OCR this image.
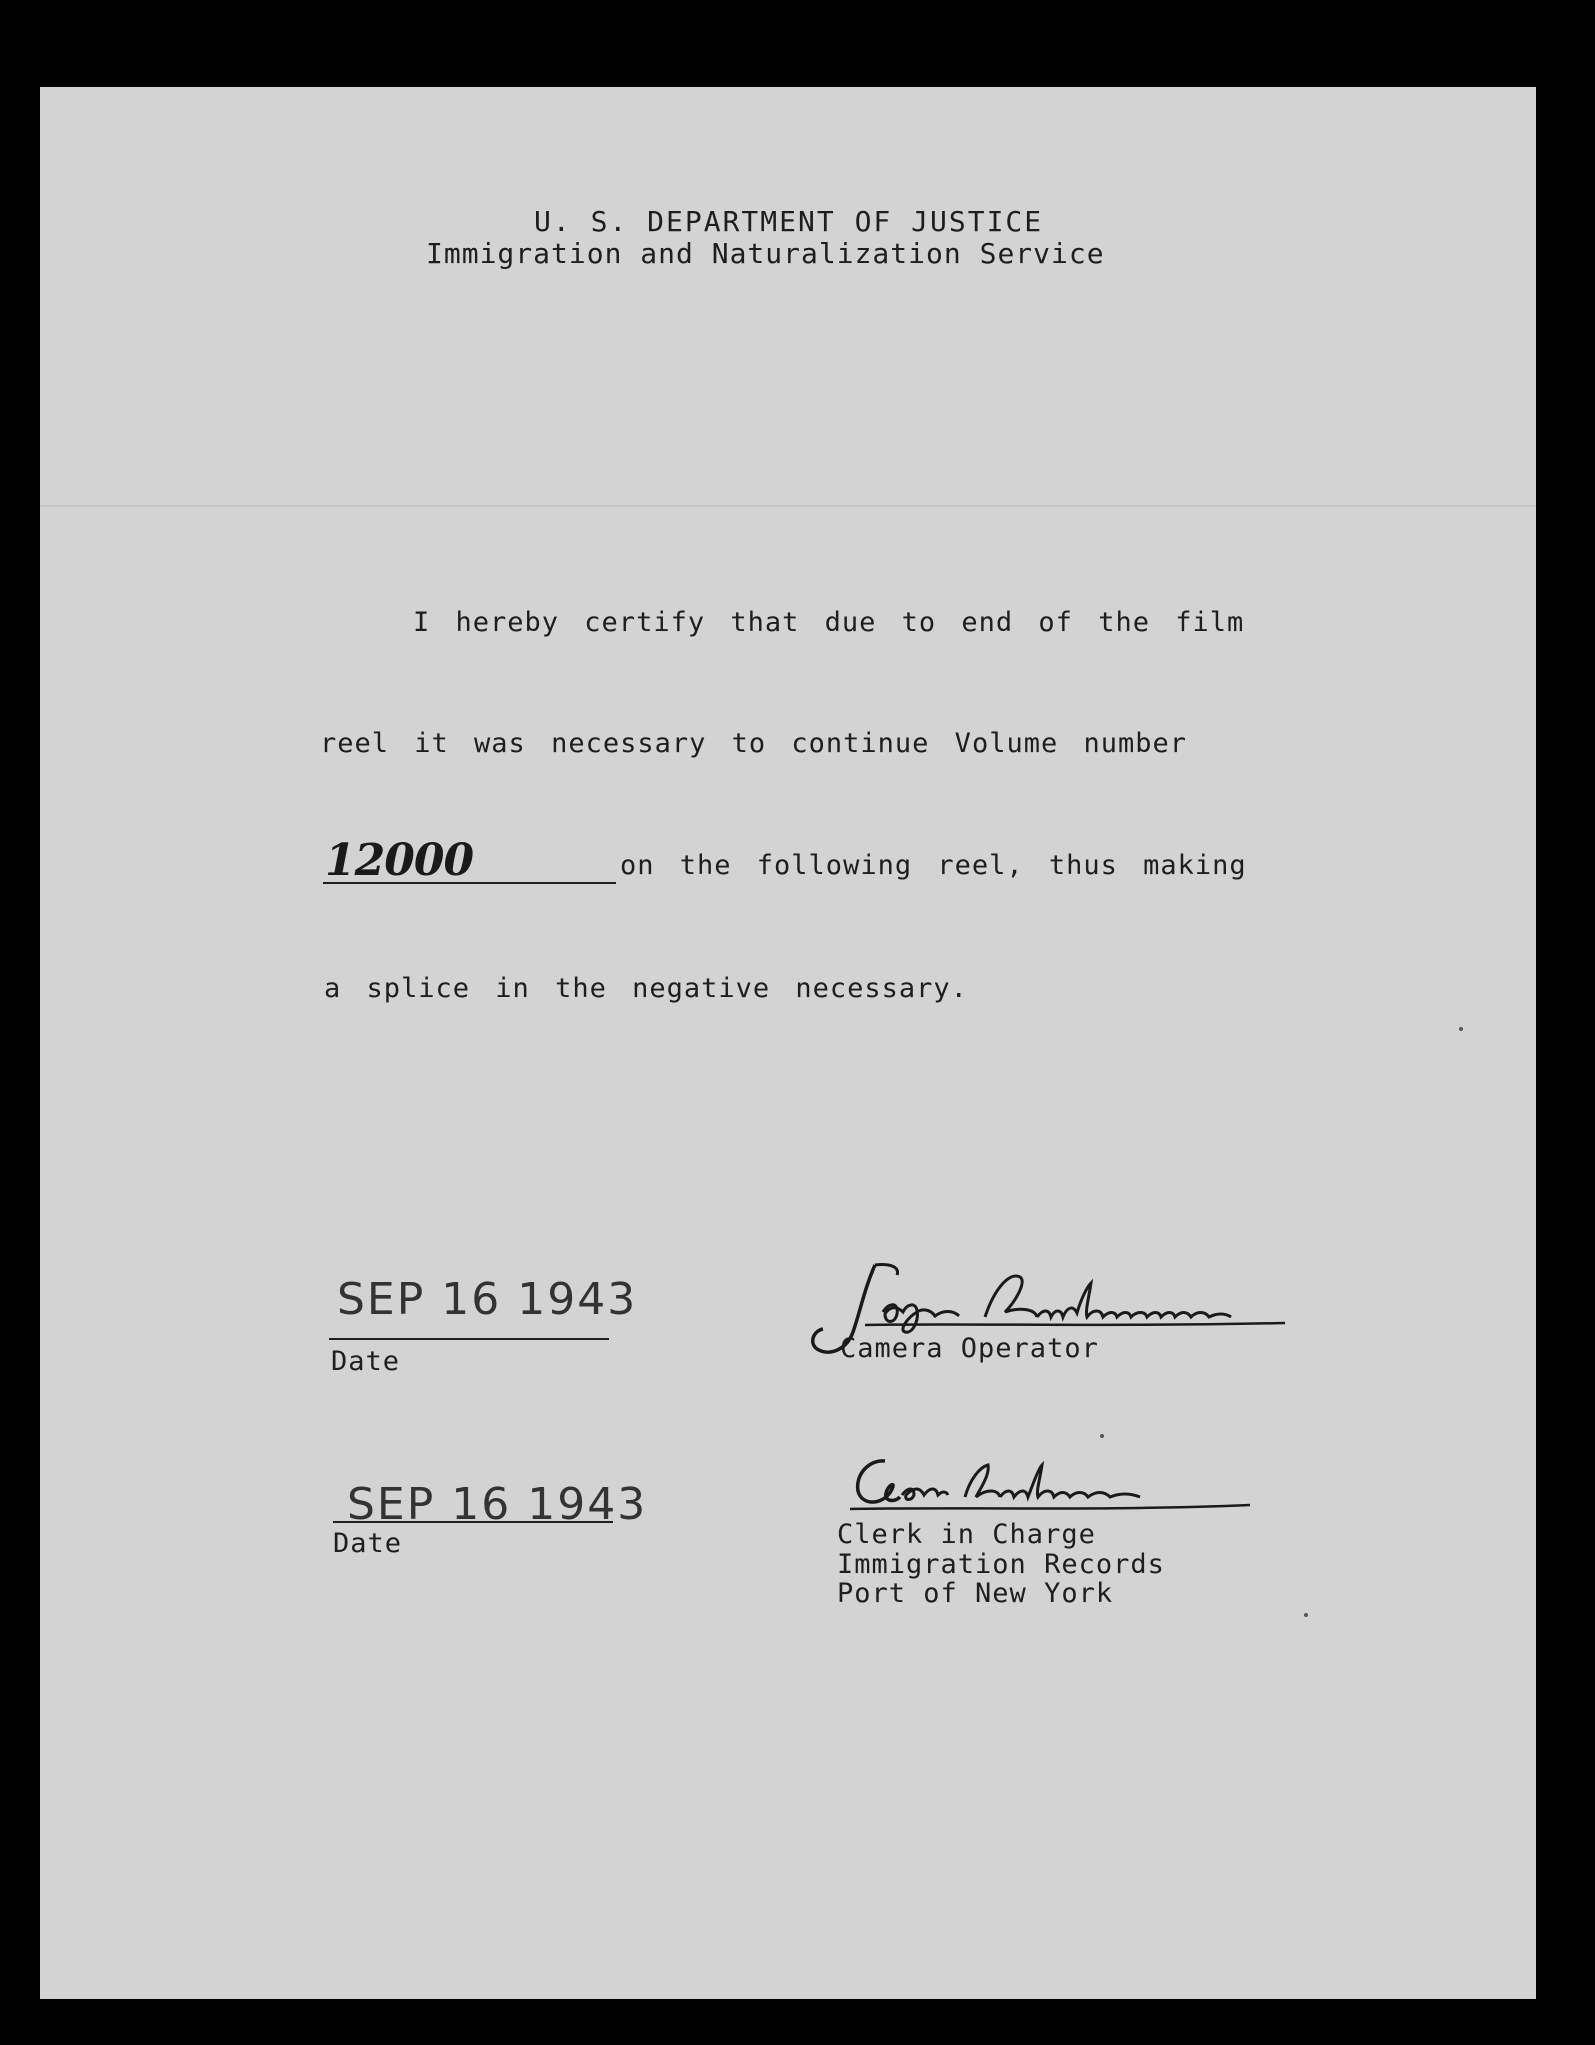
U. S. DEPARTMENT OF JUSTICE
Immigration and Naturalization Service
I hereby certify that due to end of the film
reel it was necessary to continue Volume number
12000	on the following reel, thus making
a splice in the negative necessary.
SEP 16 1943
Date	Camera Operator
SEP 16 1943
Date	Clerk in Charge
Immigration Records
Port of New York
